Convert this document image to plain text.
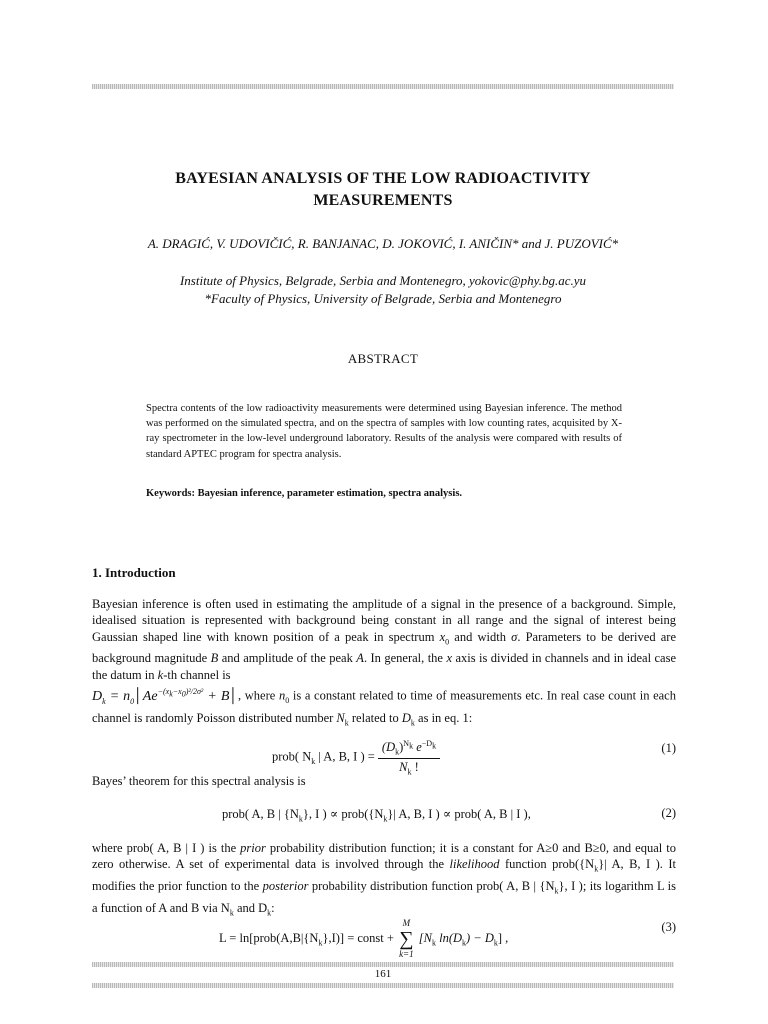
BAYESIAN ANALYSIS OF THE LOW RADIOACTIVITY
MEASUREMENTS
A. DRAGIĆ, V. UDOVIČIĆ, R. BANJANAC, D. JOKOVIĆ, I. ANIČIN* and J. PUZOVIĆ*
Institute of Physics, Belgrade, Serbia and Montenegro, yokovic@phy.bg.ac.yu
*Faculty of Physics, University of Belgrade, Serbia and Montenegro
ABSTRACT
Spectra contents of the low radioactivity measurements were determined using Bayesian inference. The method was performed on the simulated spectra, and on the spectra of samples with low counting rates, acquisited by X-ray spectrometer in the low-level underground laboratory. Results of the analysis were compared with results of standard APTEC program for spectra analysis.
Keywords: Bayesian inference, parameter estimation, spectra analysis.
1. Introduction
Bayesian inference is often used in estimating the amplitude of a signal in the presence of a background. Simple, idealised situation is represented with background being constant in all range and the signal of interest being Gaussian shaped line with known position of a peak in spectrum $x_0$ and width σ. Parameters to be derived are background magnitude B and amplitude of the peak A. In general, the x axis is divided in channels and in ideal case the datum in k-th channel is
$D_k$ = $n_0│Ae^{-(x_k-x_0)^2/2\sigma^2}$ + B│, where $n_0$ is a constant related to time of measurements etc. In real case count in each channel is randomly Poisson distributed number $N_k$ related to $D_k$ as in eq. 1:
prob( $N_k$ | A, B, I ) = $\frac{(D_k)^{N_k} e^{-D_k}}{N_k !}$	(1)
Bayes’ theorem for this spectral analysis is
prob( A, B | $\{N_k\}$, I ) ∝ $prob(\{N_k\}|$ A, B, I ) ∝ prob( A, B | I ),	(2)
where prob( A, B | I ) is the prior probability distribution function; it is a constant for A≥0 and B≥0, and equal to zero otherwise. A set of experimental data is involved through the likelihood function $prob(\{N_k\}|$ A, B, I ). It modifies the prior function to the posterior probability distribution function prob( A, B | $\{N_k\}$, I ); its logarithm L is a function of A and B via $N_k$ and $D_k$:
$L = \ln[prob(A,B|\{N_k\},I)]$ = const +
M
∑
k=1
[$N_k$ $\ln(D_k) - D_k$] ,
(3)
161
